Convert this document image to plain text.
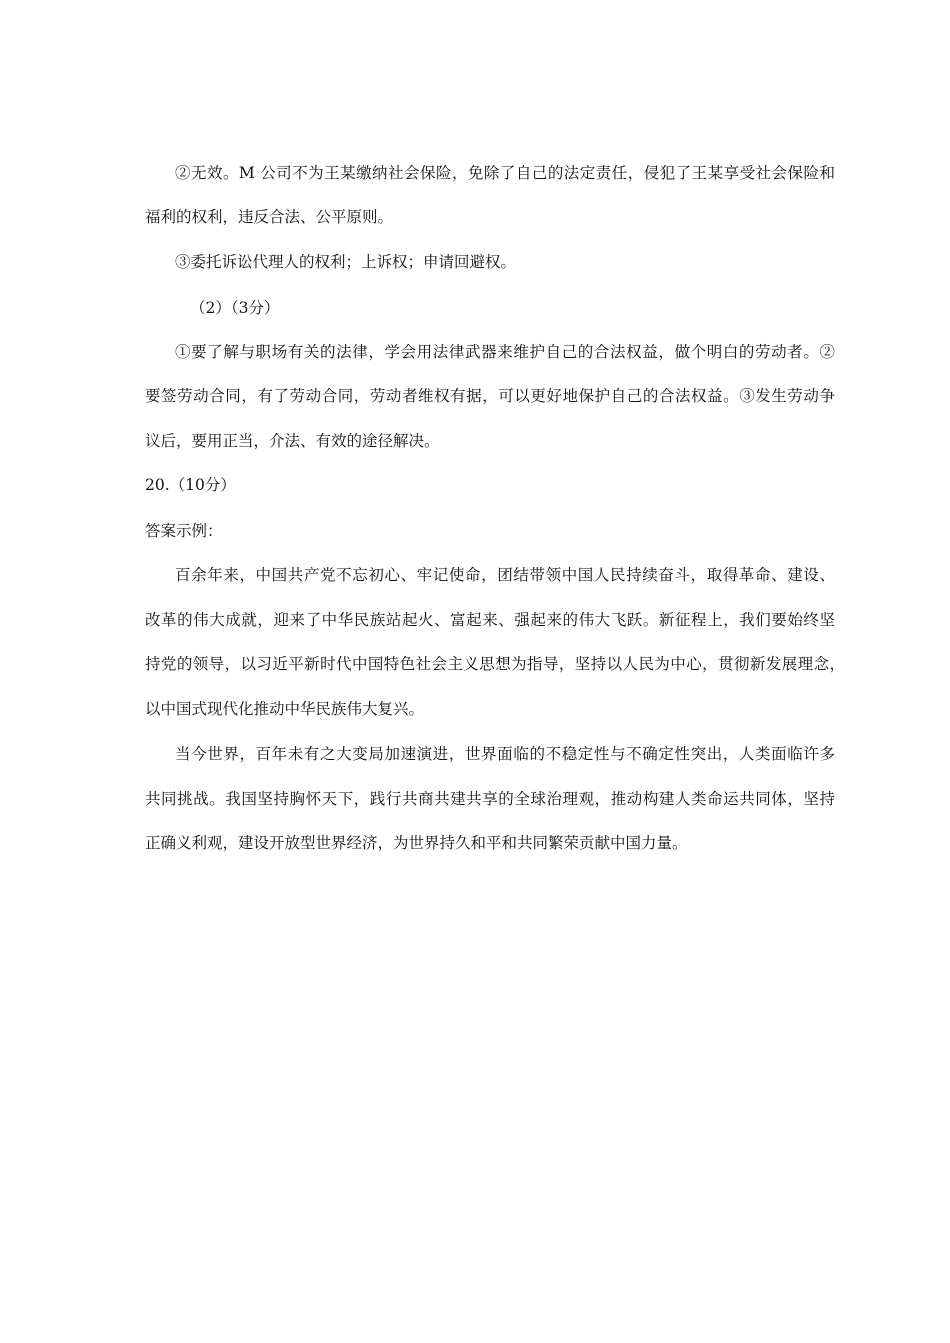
②无效。M 公司不为王某缴纳社会保险，免除了自己的法定责任，侵犯了王某享受社会保险和
福利的权利，违反合法、公平原则。
③委托诉讼代理人的权利；上诉权；申请回避权。
（2）（3分）
①要了解与职场有关的法律，学会用法律武器来维护自己的合法权益，做个明白的劳动者。②
要签劳动合同，有了劳动合同，劳动者维权有据，可以更好地保护自己的合法权益。③发生劳动争
议后，要用正当，介法、有效的途径解决。
20.（10分）
答案示例：
百余年来，中国共产党不忘初心、牢记使命，团结带领中国人民持续奋斗，取得革命、建设、
改革的伟大成就，迎来了中华民族站起火、富起来、强起来的伟大飞跃。新征程上，我们要始终坚
持党的领导，以习近平新时代中国特色社会主义思想为指导，坚持以人民为中心，贯彻新发展理念，
以中国式现代化推动中华民族伟大复兴。
当今世界，百年未有之大变局加速演进，世界面临的不稳定性与不确定性突出，人类面临许多
共同挑战。我国坚持胸怀天下，践行共商共建共享的全球治理观，推动构建人类命运共同体，坚持
正确义利观，建设开放型世界经济，为世界持久和平和共同繁荣贡献中国力量。
